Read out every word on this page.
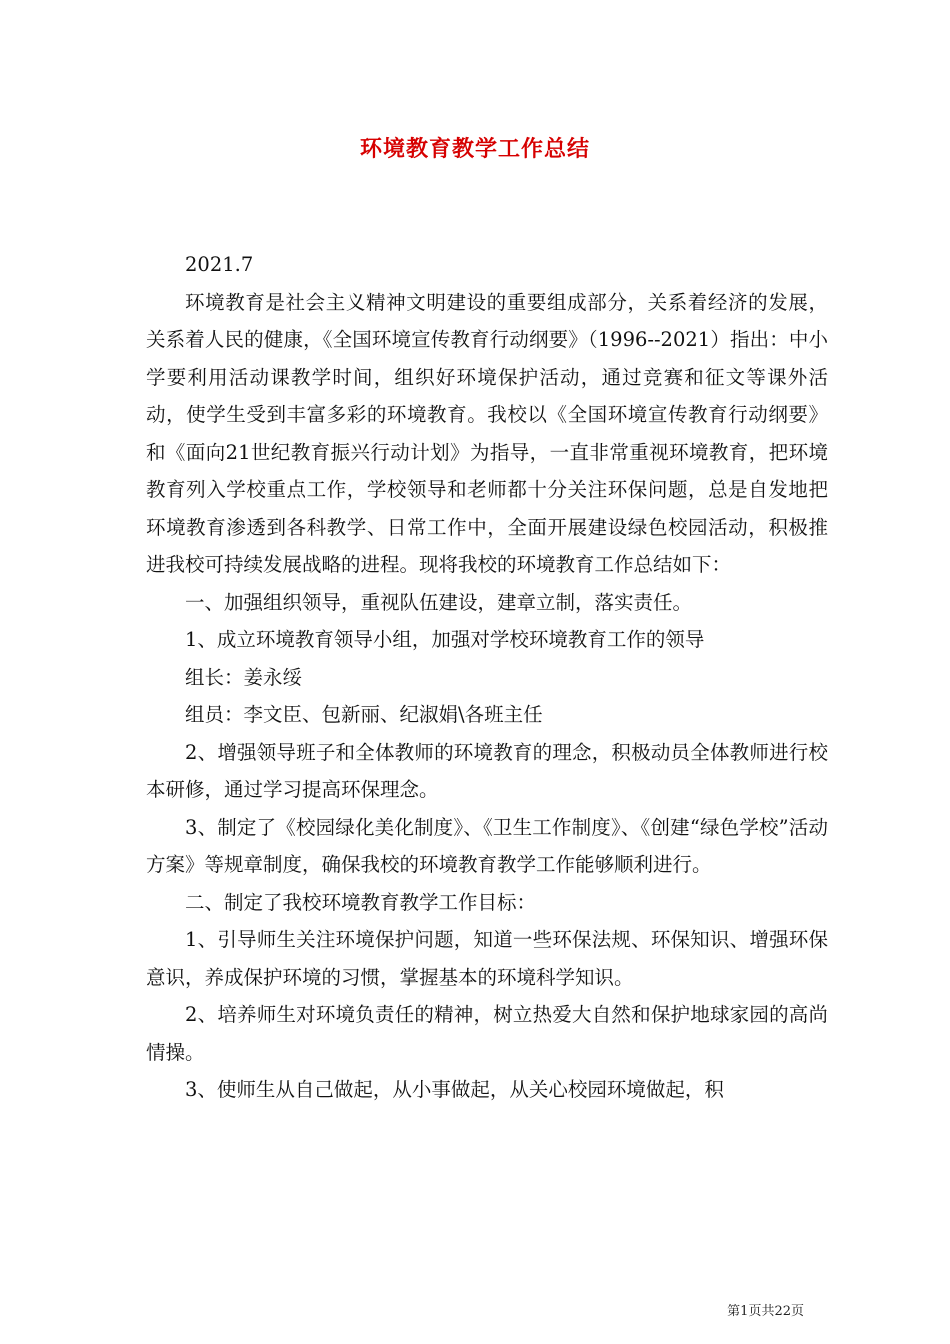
环境教育教学工作总结

2021.7

环境教育是社会主义精神文明建设的重要组成部分，关系着经济的发展，关系着人民的健康，《全国环境宣传教育行动纲要》（1996--2021）指出：中小学要利用活动课教学时间，组织好环境保护活动，通过竞赛和征文等课外活动，使学生受到丰富多彩的环境教育。我校以《全国环境宣传教育行动纲要》和《面向21世纪教育振兴行动计划》为指导，一直非常重视环境教育，把环境教育列入学校重点工作，学校领导和老师都十分关注环保问题，总是自发地把环境教育渗透到各科教学、日常工作中，全面开展建设绿色校园活动，积极推进我校可持续发展战略的进程。现将我校的环境教育工作总结如下：

一、加强组织领导，重视队伍建设，建章立制，落实责任。

1、成立环境教育领导小组，加强对学校环境教育工作的领导

组长：姜永绥

组员：李文臣、包新丽、纪淑娟\各班主任

2、增强领导班子和全体教师的环境教育的理念，积极动员全体教师进行校本研修，通过学习提高环保理念。

3、制定了《校园绿化美化制度》、《卫生工作制度》、《创建“绿色学校”活动方案》等规章制度，确保我校的环境教育教学工作能够顺利进行。

二、制定了我校环境教育教学工作目标：

1、引导师生关注环境保护问题，知道一些环保法规、环保知识、增强环保意识，养成保护环境的习惯，掌握基本的环境科学知识。

2、培养师生对环境负责任的精神，树立热爱大自然和保护地球家园的高尚情操。

3、使师生从自己做起，从小事做起，从关心校园环境做起，积

第1页共22页
